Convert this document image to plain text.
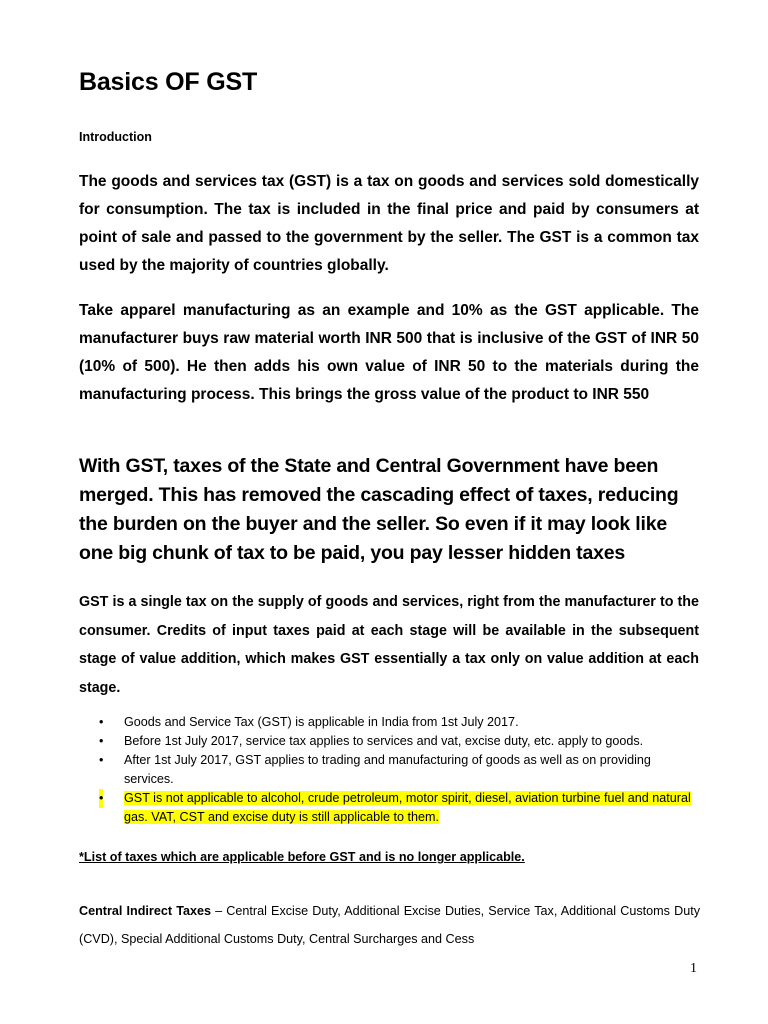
Basics OF GST

Introduction

The goods and services tax (GST) is a tax on goods and services sold domestically for consumption. The tax is included in the final price and paid by consumers at point of sale and passed to the government by the seller. The GST is a common tax used by the majority of countries globally.

Take apparel manufacturing as an example and 10% as the GST applicable. The manufacturer buys raw material worth INR 500 that is inclusive of the GST of INR 50 (10% of 500). He then adds his own value of INR 50 to the materials during the manufacturing process. This brings the gross value of the product to INR 550

With GST, taxes of the State and Central Government have been merged. This has removed the cascading effect of taxes, reducing the burden on the buyer and the seller. So even if it may look like one big chunk of tax to be paid, you pay lesser hidden taxes

GST is a single tax on the supply of goods and services, right from the manufacturer to the consumer. Credits of input taxes paid at each stage will be available in the subsequent stage of value addition, which makes GST essentially a tax only on value addition at each stage.

• Goods and Service Tax (GST) is applicable in India from 1st July 2017.
• Before 1st July 2017, service tax applies to services and vat, excise duty, etc. apply to goods.
• After 1st July 2017, GST applies to trading and manufacturing of goods as well as on providing services.
• GST is not applicable to alcohol, crude petroleum, motor spirit, diesel, aviation turbine fuel and natural gas. VAT, CST and excise duty is still applicable to them.

*List of taxes which are applicable before GST and is no longer applicable.

Central Indirect Taxes – Central Excise Duty, Additional Excise Duties, Service Tax, Additional Customs Duty (CVD), Special Additional Customs Duty, Central Surcharges and Cess

1
